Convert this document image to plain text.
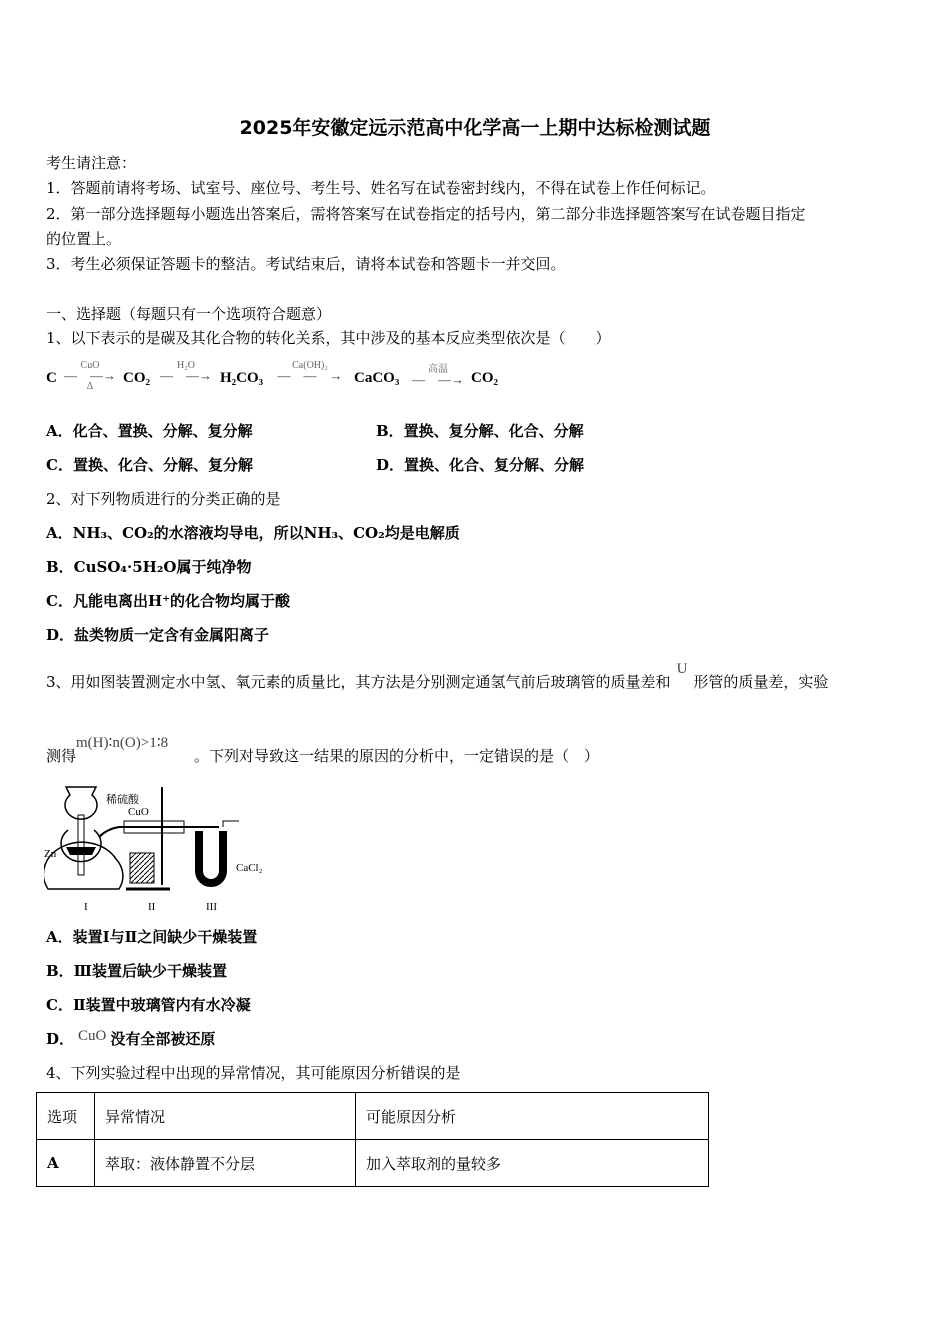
2025年安徽定远示范高中化学高一上期中达标检测试题
考生请注意：
1．答题前请将考场、试室号、座位号、考生号、姓名写在试卷密封线内，不得在试卷上作任何标记。
2．第一部分选择题每小题选出答案后，需将答案写在试卷指定的括号内，第二部分非选择题答案写在试卷题目指定
的位置上。
3．考生必须保证答题卡的整洁。考试结束后，请将本试卷和答题卡一并交回。
一、选择题（每题只有一个选项符合题意）
1、以下表示的是碳及其化合物的转化关系，其中涉及的基本反应类型依次是（　　）
C
CuO
—　—→
Δ
CO₂
H₂O
—　—→ H₂CO₃
Ca(OH)₂
—　—　→ CaCO₃
高温
—　—→ CO₂
A．化合、置换、分解、复分解	B．置换、复分解、化合、分解
C．置换、化合、分解、复分解	D．置换、化合、复分解、分解
2、对下列物质进行的分类正确的是
A．NH₃、CO₂的水溶液均导电，所以NH₃、CO₂均是电解质
B．CuSO₄·5H₂O属于纯净物
C．凡能电离出H⁺的化合物均属于酸
D．盐类物质一定含有金属阳离子
3、用如图装置测定水中氢、氧元素的质量比，其方法是分别测定通氢气前后玻璃管的质量差和U形管的质量差，实验
测得m(H)∶n(O)>1∶8。下列对导致这一结果的原因的分析中，一定错误的是（　）
稀硫酸
CuO
Zn
CaCl₂
I	II	III
A．装置Ⅰ与Ⅱ之间缺少干燥装置
B．Ⅲ装置后缺少干燥装置
C．Ⅱ装置中玻璃管内有水冷凝
D． CuO 没有全部被还原
4、下列实验过程中出现的异常情况，其可能原因分析错误的是
选项	异常情况	可能原因分析
A	萃取：液体静置不分层	加入萃取剂的量较多
